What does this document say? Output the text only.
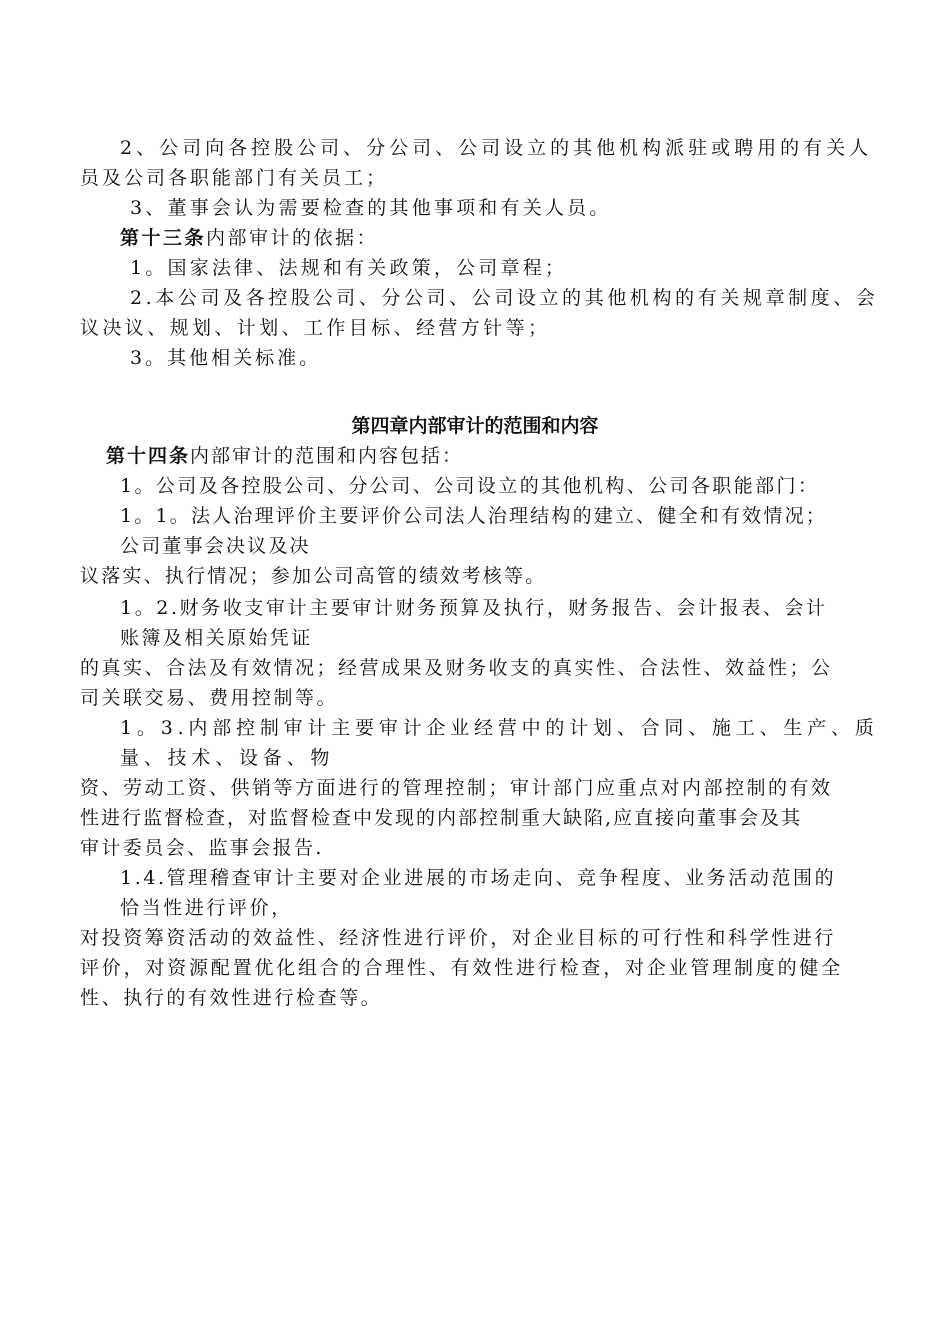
2、公司向各控股公司、分公司、公司设立的其他机构派驻或聘用的有关人
员及公司各职能部门有关员工；
3、董事会认为需要检查的其他事项和有关人员。
第十三条内部审计的依据：
1。国家法律、法规和有关政策，公司章程；
2.本公司及各控股公司、分公司、公司设立的其他机构的有关规章制度、会
议决议、规划、计划、工作目标、经营方针等；
3。其他相关标准。
第四章内部审计的范围和内容
第十四条内部审计的范围和内容包括：
1。公司及各控股公司、分公司、公司设立的其他机构、公司各职能部门：
1。1。法人治理评价主要评价公司法人治理结构的建立、健全和有效情况；
公司董事会决议及决
议落实、执行情况；参加公司高管的绩效考核等。
1。2.财务收支审计主要审计财务预算及执行，财务报告、会计报表、会计
账簿及相关原始凭证
的真实、合法及有效情况；经营成果及财务收支的真实性、合法性、效益性；公
司关联交易、费用控制等。
1。3.内部控制审计主要审计企业经营中的计划、合同、施工、生产、质
量、技术、设备、物
资、劳动工资、供销等方面进行的管理控制；审计部门应重点对内部控制的有效
性进行监督检查，对监督检查中发现的内部控制重大缺陷,应直接向董事会及其
审计委员会、监事会报告.
1.4.管理稽查审计主要对企业进展的市场走向、竞争程度、业务活动范围的
恰当性进行评价，
对投资筹资活动的效益性、经济性进行评价，对企业目标的可行性和科学性进行
评价，对资源配置优化组合的合理性、有效性进行检查，对企业管理制度的健全
性、执行的有效性进行检查等。
